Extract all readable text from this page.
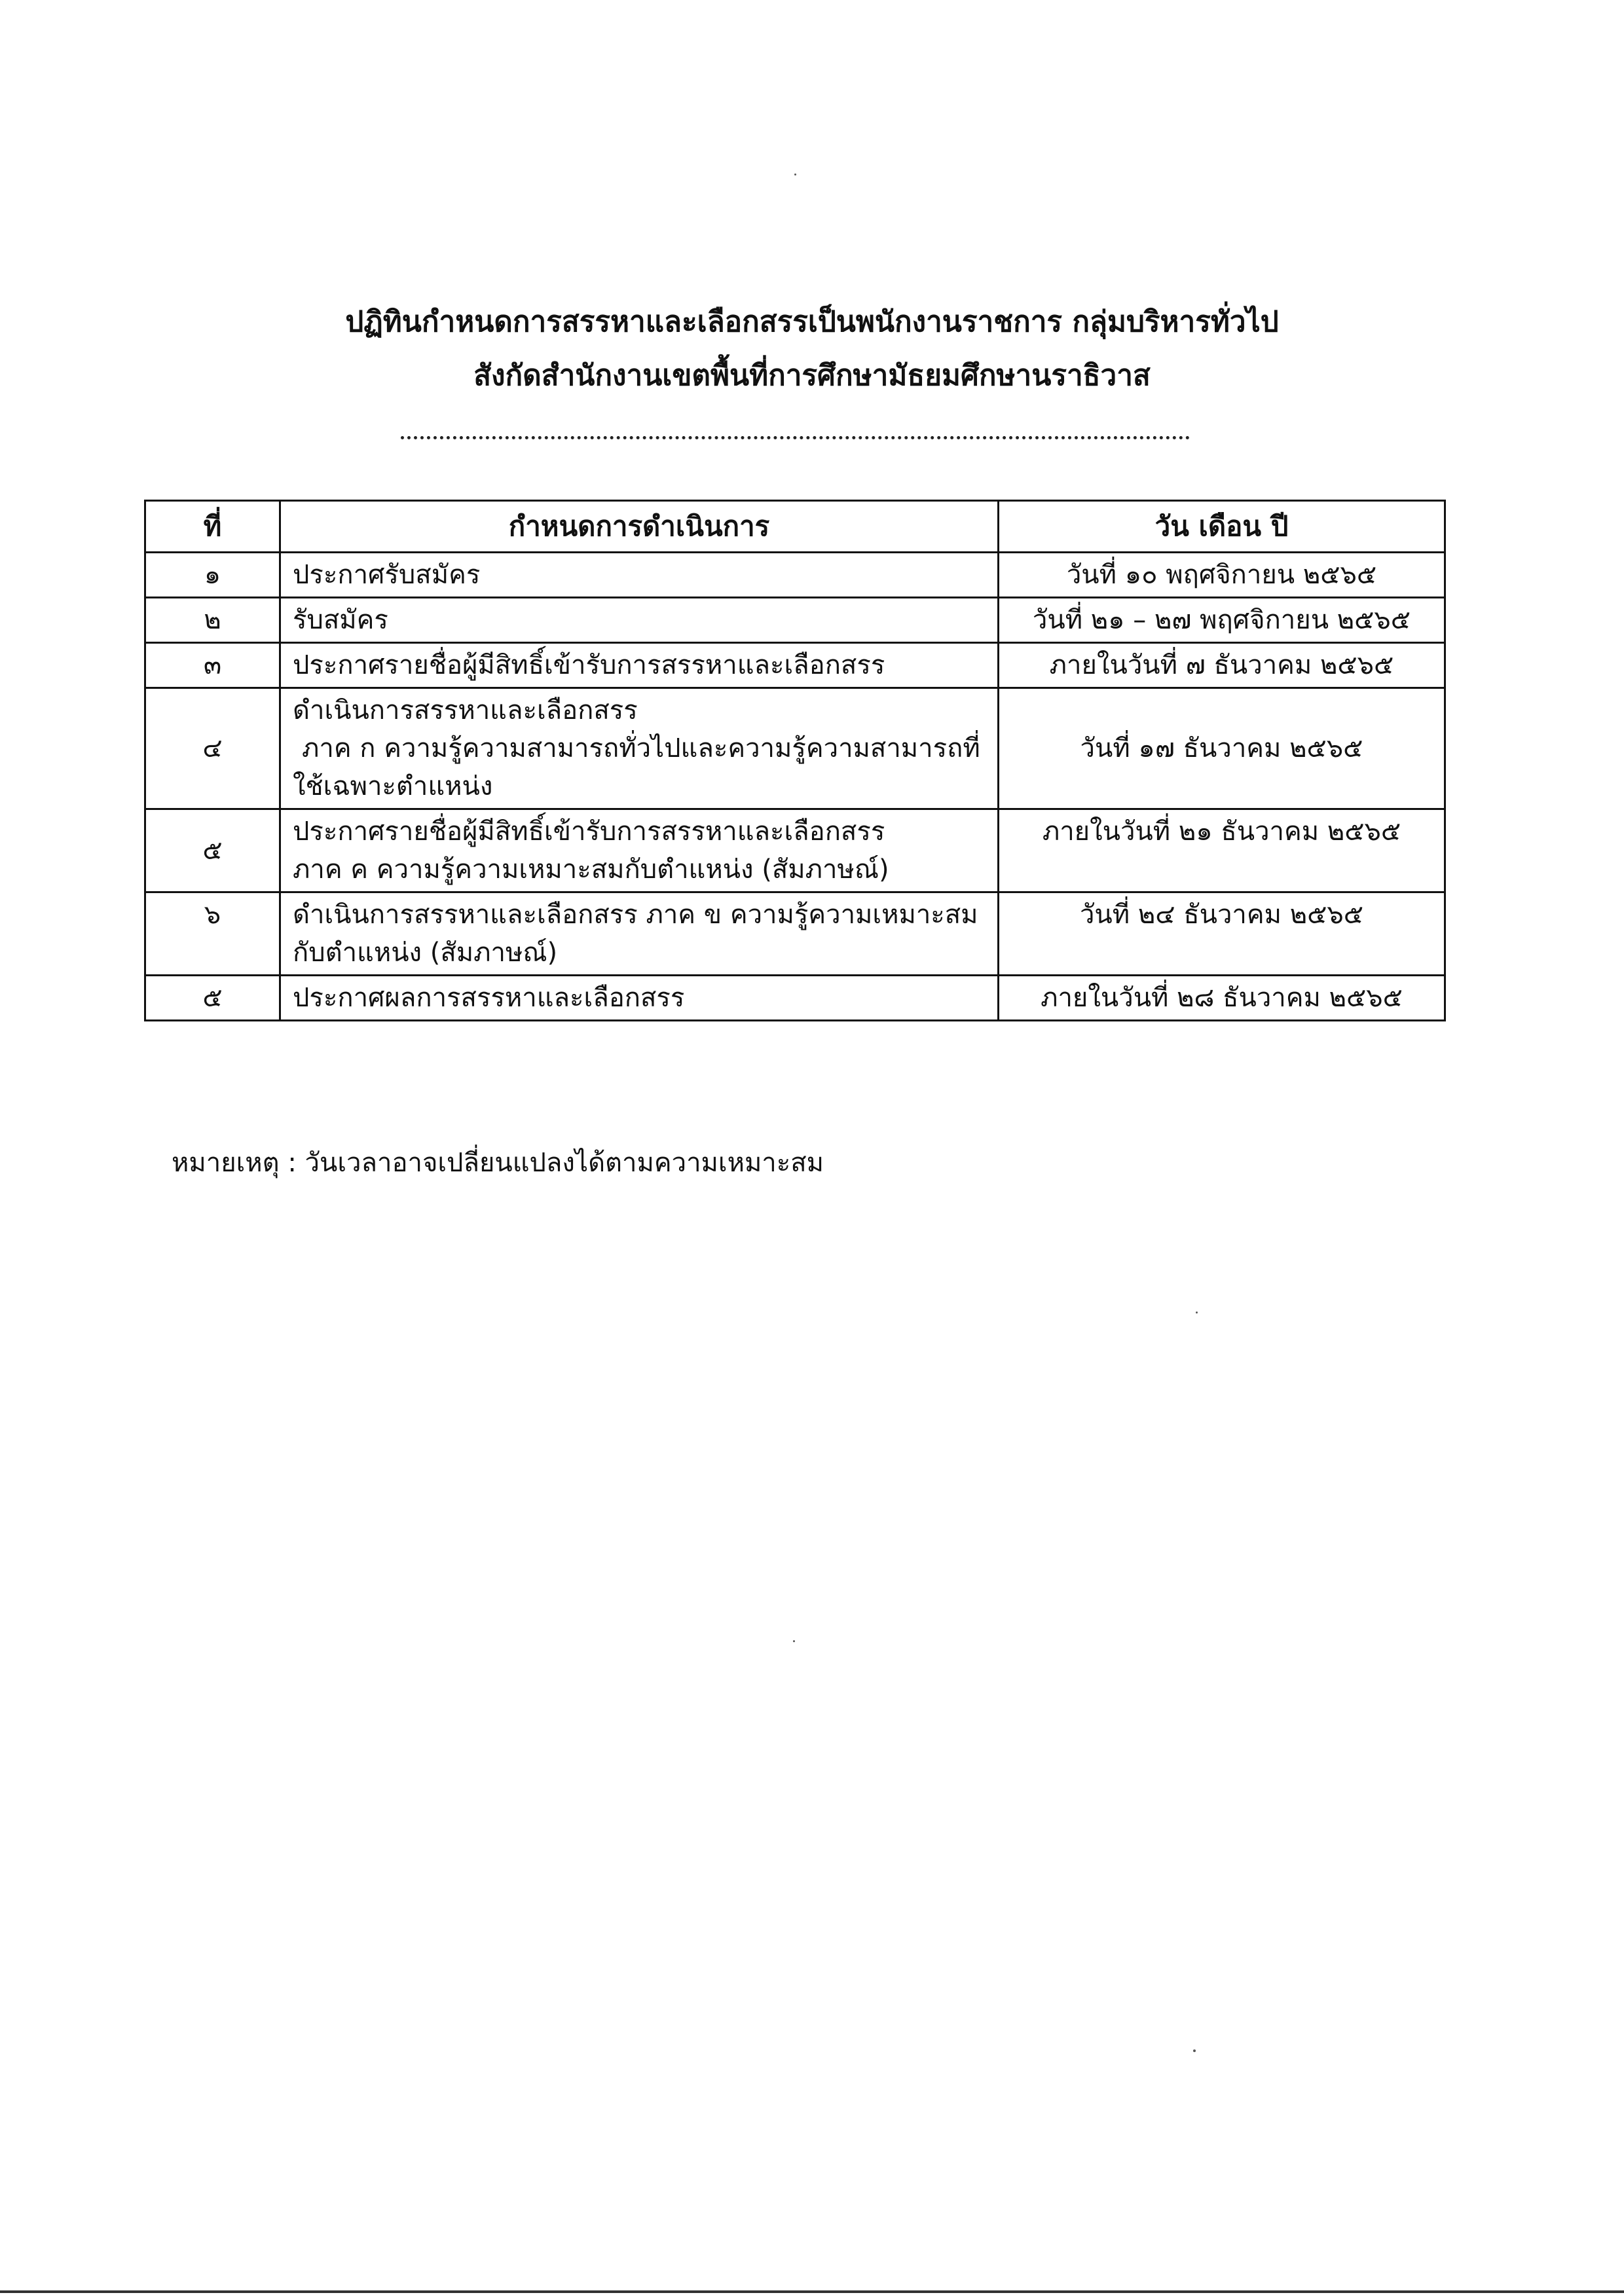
ปฏิทินกำหนดการสรรหาและเลือกสรรเป็นพนักงานราชการ กลุ่มบริหารทั่วไป
สังกัดสำนักงานเขตพื้นที่การศึกษามัธยมศึกษานราธิวาส
ที่	กำหนดการดำเนินการ	วัน เดือน ปี
๑	ประกาศรับสมัคร	วันที่ ๑๐ พฤศจิกายน ๒๕๖๕
๒	รับสมัคร	วันที่ ๒๑ – ๒๗ พฤศจิกายน ๒๕๖๕
๓	ประกาศรายชื่อผู้มีสิทธิ์เข้ารับการสรรหาและเลือกสรร	ภายในวันที่ ๗ ธันวาคม ๒๕๖๕
๔	ดำเนินการสรรหาและเลือกสรร
ภาค ก ความรู้ความสามารถทั่วไปและความรู้ความสามารถที่
ใช้เฉพาะตำแหน่ง	วันที่ ๑๗ ธันวาคม ๒๕๖๕
๕	ประกาศรายชื่อผู้มีสิทธิ์เข้ารับการสรรหาและเลือกสรร
ภาค ค ความรู้ความเหมาะสมกับตำแหน่ง (สัมภาษณ์)	ภายในวันที่ ๒๑ ธันวาคม ๒๕๖๕
๖	ดำเนินการสรรหาและเลือกสรร ภาค ข ความรู้ความเหมาะสม
กับตำแหน่ง (สัมภาษณ์)	วันที่ ๒๔ ธันวาคม ๒๕๖๕
๕	ประกาศผลการสรรหาและเลือกสรร	ภายในวันที่ ๒๘ ธันวาคม ๒๕๖๕
หมายเหตุ : วันเวลาอาจเปลี่ยนแปลงได้ตามความเหมาะสม
